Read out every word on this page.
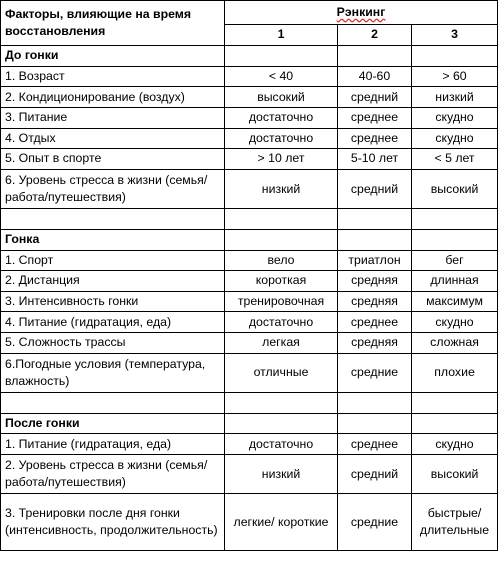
Факторы, влияющие на время восстановления	Рэнкинг		
	1	2	3
До гонки			
1. Возраст	< 40	40-60	> 60
2. Кондиционирование (воздух)	высокий	средний	низкий
3. Питание	достаточно	среднее	скудно
4. Отдых	достаточно	среднее	скудно
5. Опыт в спорте	> 10 лет	5-10 лет	< 5 лет
6. Уровень стресса в жизни (семья/работа/путешествия)	низкий	средний	высокий

Гонка			
1. Спорт	вело	триатлон	бег
2. Дистанция	короткая	средняя	длинная
3. Интенсивность гонки	тренировочная	средняя	максимум
4. Питание (гидратация, еда)	достаточно	среднее	скудно
5. Сложность трассы	легкая	средняя	сложная
6.Погодные условия (температура, влажность)	отличные	средние	плохие

После гонки			
1. Питание (гидратация, еда)	достаточно	среднее	скудно
2. Уровень стресса в жизни (семья/работа/путешествия)	низкий	средний	высокий
3. Тренировки после дня гонки (интенсивность, продолжительность)	легкие/ короткие	средние	быстрые/ длительные
